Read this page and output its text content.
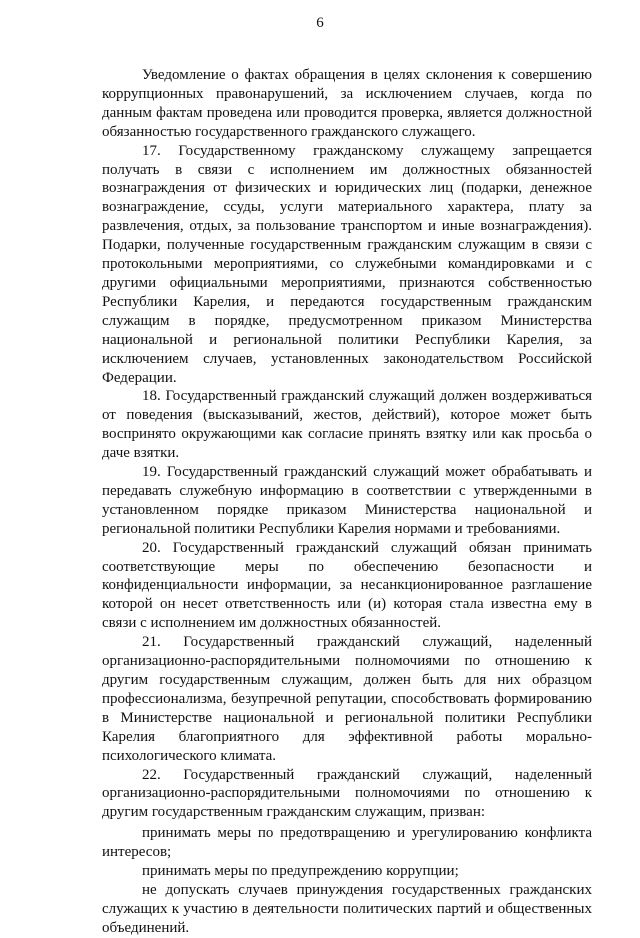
6

Уведомление о фактах обращения в целях склонения к совершению коррупционных правонарушений, за исключением случаев, когда по данным фактам проведена или проводится проверка, является должностной обязанностью государственного гражданского служащего.

17. Государственному гражданскому служащему запрещается получать в связи с исполнением им должностных обязанностей вознаграждения от физических и юридических лиц (подарки, денежное вознаграждение, ссуды, услуги материального характера, плату за развлечения, отдых, за пользование транспортом и иные вознаграждения). Подарки, полученные государственным гражданским служащим в связи с протокольными мероприятиями, со служебными командировками и с другими официальными мероприятиями, признаются собственностью Республики Карелия, и передаются государственным гражданским служащим в порядке, предусмотренном приказом Министерства национальной и региональной политики Республики Карелия, за исключением случаев, установленных законодательством Российской Федерации.

18. Государственный гражданский служащий должен воздерживаться от поведения (высказываний, жестов, действий), которое может быть воспринято окружающими как согласие принять взятку или как просьба о даче взятки.

19. Государственный гражданский служащий может обрабатывать и передавать служебную информацию в соответствии с утвержденными в установленном порядке приказом Министерства национальной и региональной политики Республики Карелия нормами и требованиями.

20. Государственный гражданский служащий обязан принимать соответствующие меры по обеспечению безопасности и конфиденциальности информации, за несанкционированное разглашение которой он несет ответственность или (и) которая стала известна ему в связи с исполнением им должностных обязанностей.

21. Государственный гражданский служащий, наделенный организационно-распорядительными полномочиями по отношению к другим государственным служащим, должен быть для них образцом профессионализма, безупречной репутации, способствовать формированию в Министерстве национальной и региональной политики Республики Карелия благоприятного для эффективной работы морально-психологического климата.

22. Государственный гражданский служащий, наделенный организационно-распорядительными полномочиями по отношению к другим государственным гражданским служащим, призван:

принимать меры по предотвращению и урегулированию конфликта интересов;

принимать меры по предупреждению коррупции;

не допускать случаев принуждения государственных гражданских служащих к участию в деятельности политических партий и общественных объединений.
